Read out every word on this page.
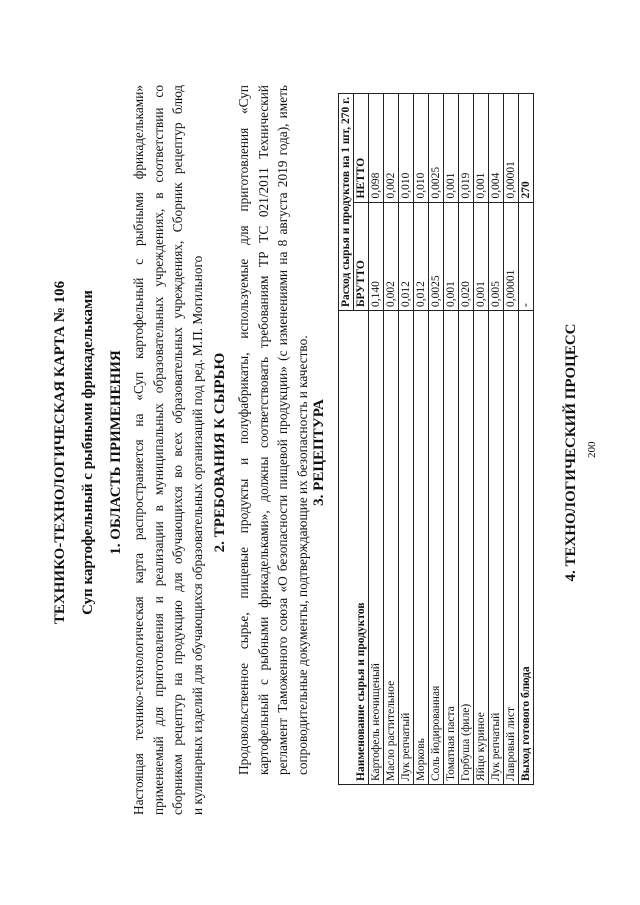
ТЕХНИКО-ТЕХНОЛОГИЧЕСКАЯ КАРТА № 106 Суп картофельный с рыбными фрикадельками 1. ОБЛАСТЬ ПРИМЕНЕНИЯ Настоящая технико-технологическая карта распространяется на «Суп картофельный с рыбными фрикадельками» применяемый для приготовления и реализации в муниципальных образовательных учреждениях, в соответствии со сборником рецептур на продукцию для обучающихся во всех образовательных учреждениях, Сборник рецептур блюд и кулинарных изделий для обучающихся образовательных организаций под ред. М.П. Могильного 2. ТРЕБОВАНИЯ К СЫРЬЮ Продовольственное сырье, пищевые продукты и полуфабрикаты, используемые для приготовления «Суп картофельный с рыбными фрикадельками», должны соответствовать требованиям ТР ТС 021/2011 Технический регламент Таможенного союза «О безопасности пищевой продукции» (с изменениями на 8 августа 2019 года), иметь сопроводительные документы, подтверждающие их безопасность и качество. 3. РЕЦЕПТУРА
Наименование сырья и продуктов	Расход сырья и продуктов на 1 шт, 270 г.	
	БРУТТО	НЕТТО
Картофель неочищеный	0,140	0,098
Масло растительное	0,002	0,002
Лук репчатый	0,012	0,010
Морковь	0,012	0,010
Соль йодированная	0,0025	0,0025
Томатная паста	0,001	0,001
Горбуша (филе)	0,020	0,019
Яйцо куриное	0,001	0,001
Лук репчатый	0,005	0,004
Лавровый лист	0,00001	0,00001
Выход готового блюда	-	270
4. ТЕХНОЛОГИЧЕСКИЙ ПРОЦЕСС 200
